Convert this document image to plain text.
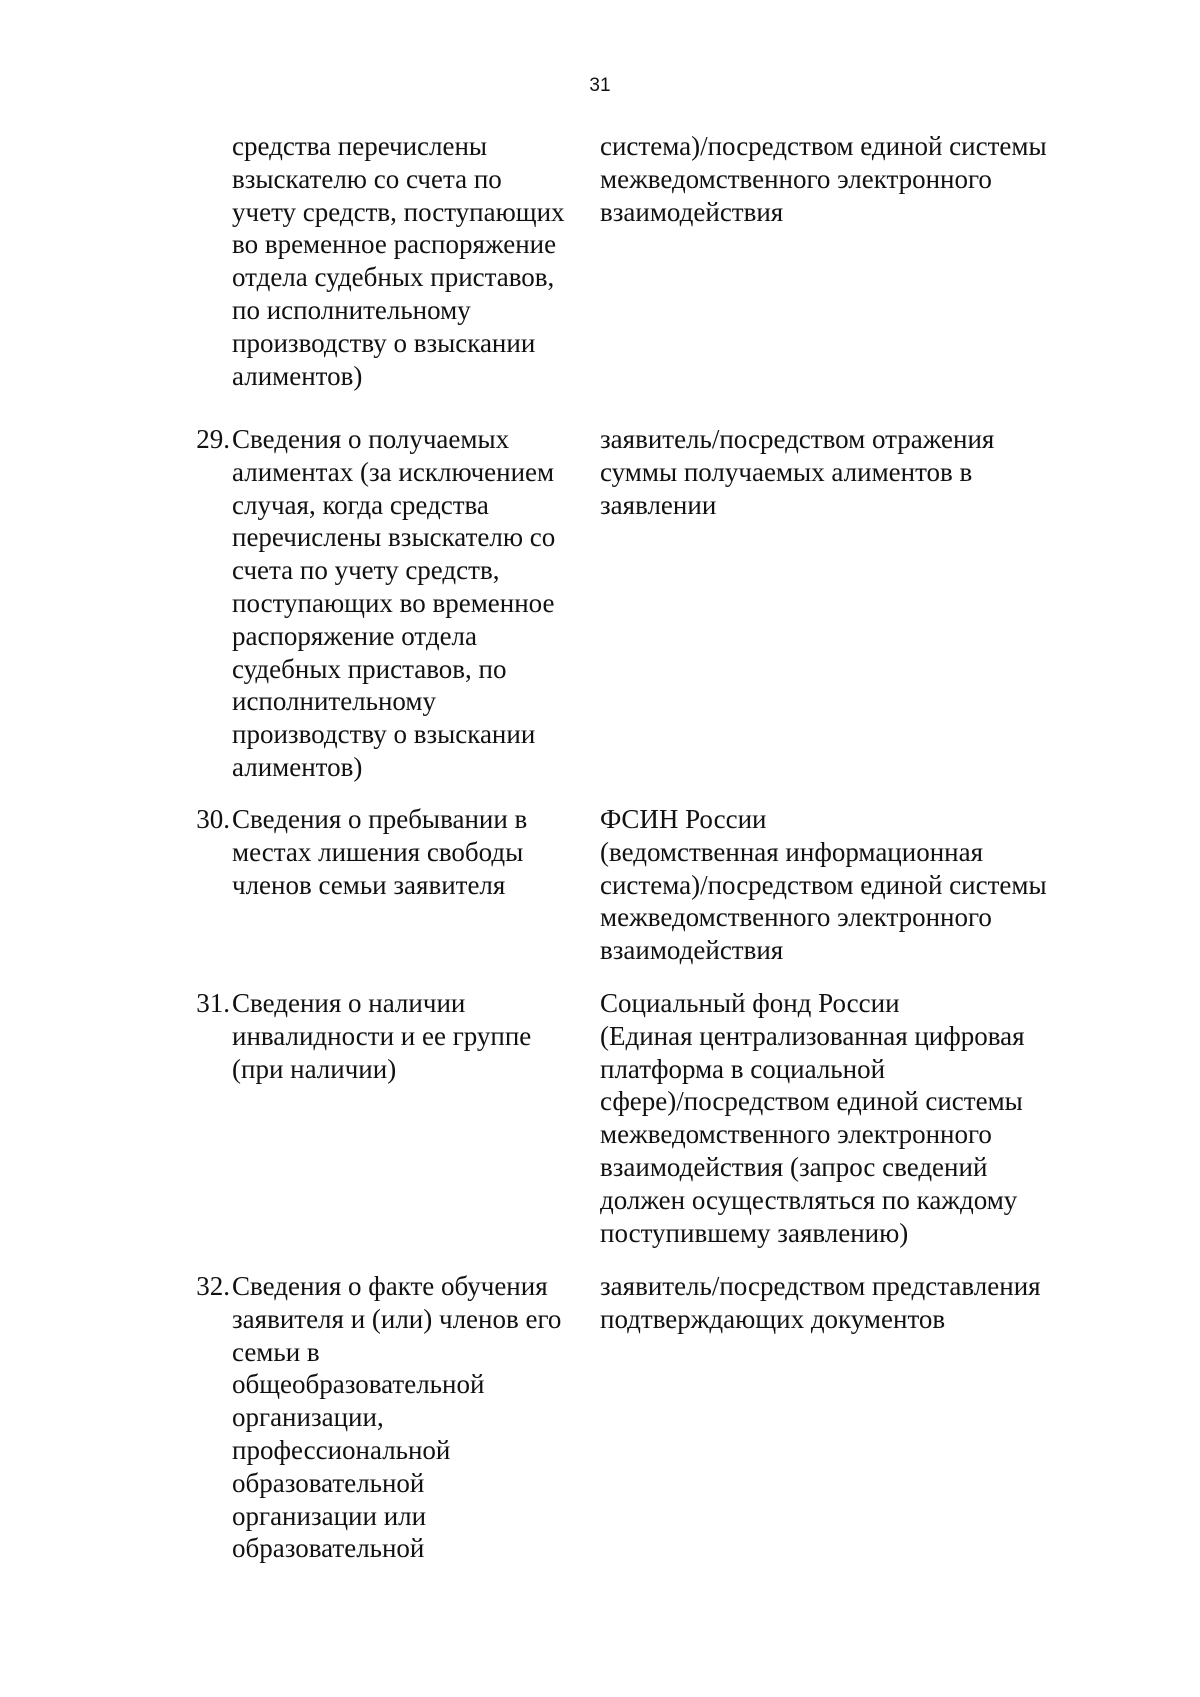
31
средства перечислены
взыскателю со счета по
учету средств, поступающих
во временное распоряжение
отдела судебных приставов,
по исполнительному
производству о взыскании
алиментов)
система)/посредством единой системы
межведомственного электронного
взаимодействия
29. Сведения о получаемых
алиментах (за исключением
случая, когда средства
перечислены взыскателю со
счета по учету средств,
поступающих во временное
распоряжение отдела
судебных приставов, по
исполнительному
производству о взыскании
алиментов)
заявитель/посредством отражения
суммы получаемых алиментов в
заявлении
30. Сведения о пребывании в
местах лишения свободы
членов семьи заявителя
ФСИН России
(ведомственная информационная
система)/посредством единой системы
межведомственного электронного
взаимодействия
31. Сведения о наличии
инвалидности и ее группе
(при наличии)
Социальный фонд России
(Единая централизованная цифровая
платформа в социальной
сфере)/посредством единой системы
межведомственного электронного
взаимодействия (запрос сведений
должен осуществляться по каждому
поступившему заявлению)
32. Сведения о факте обучения
заявителя и (или) членов его
семьи в
общеобразовательной
организации,
профессиональной
образовательной
организации или
образовательной
заявитель/посредством представления
подтверждающих документов
